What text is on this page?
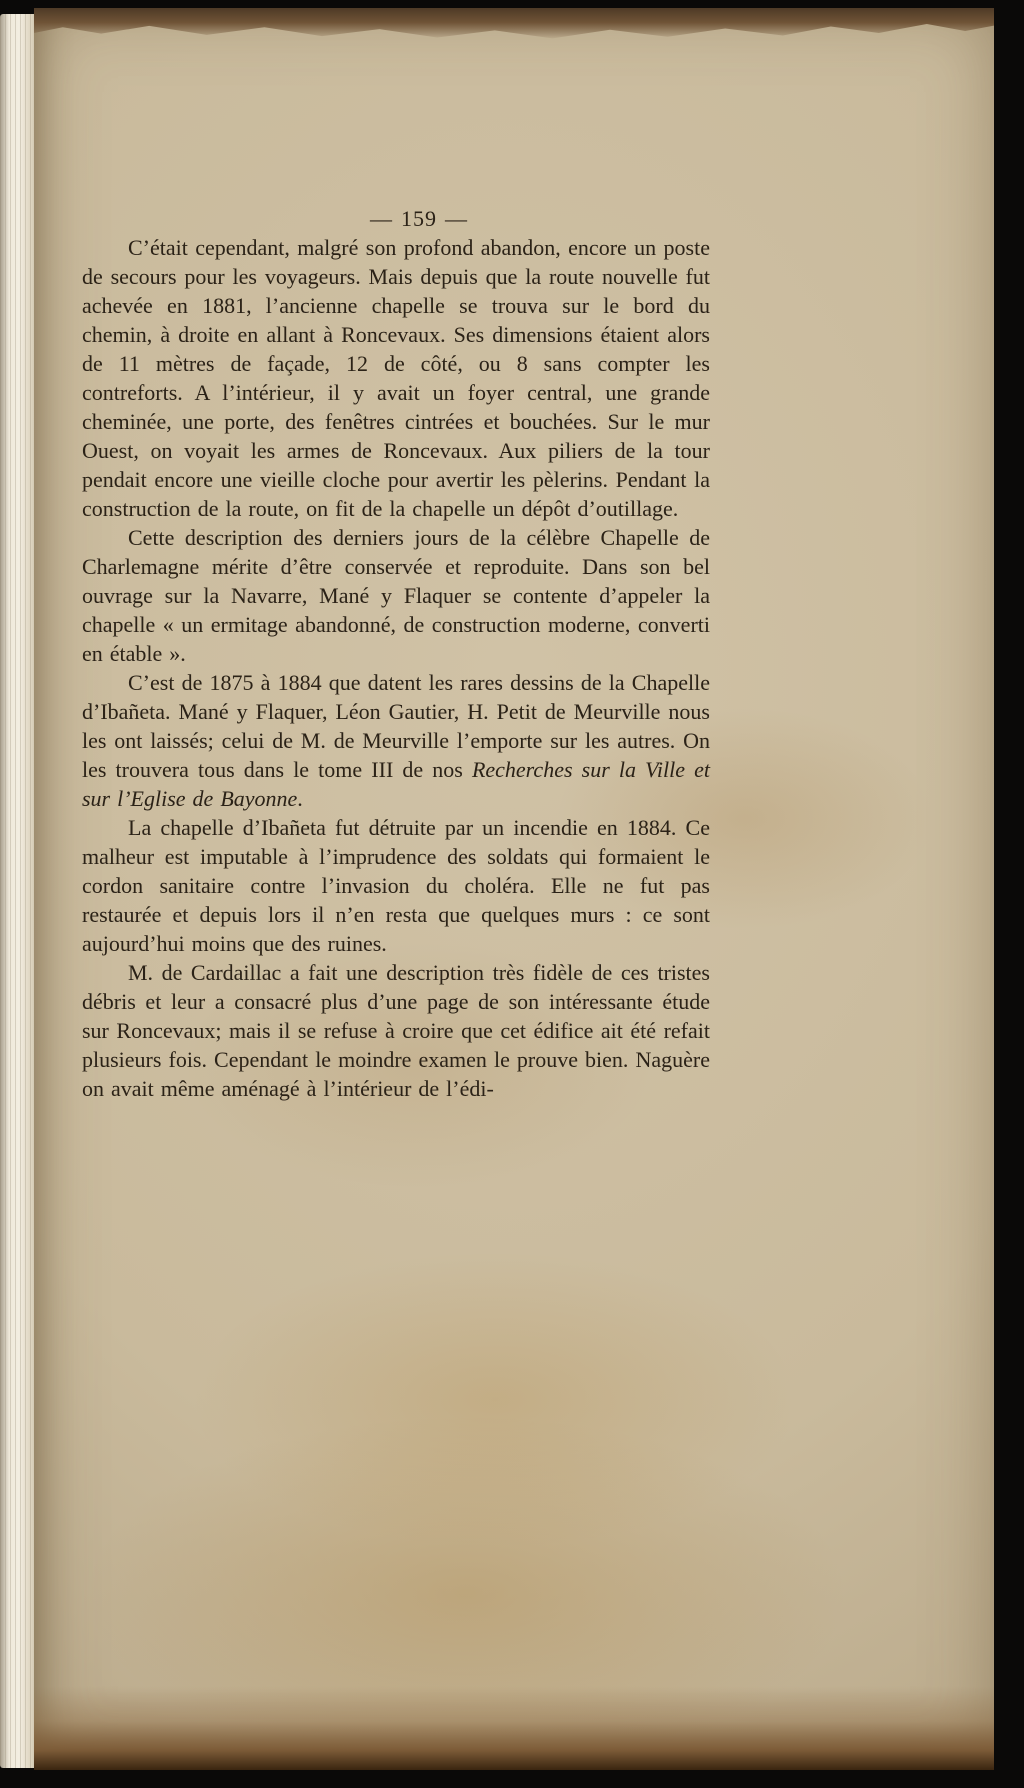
— 159 —

C’était cependant, malgré son profond abandon, encore un poste de secours pour les voyageurs. Mais depuis que la route nouvelle fut achevée en 1881, l’ancienne chapelle se trouva sur le bord du chemin, à droite en allant à Roncevaux. Ses dimensions étaient alors de 11 mètres de façade, 12 de côté, ou 8 sans compter les contreforts. A l’intérieur, il y avait un foyer central, une grande cheminée, une porte, des fenêtres cintrées et bouchées. Sur le mur Ouest, on voyait les armes de Roncevaux. Aux piliers de la tour pendait encore une vieille cloche pour avertir les pèlerins. Pendant la construction de la route, on fit de la chapelle un dépôt d’outillage.

Cette description des derniers jours de la célèbre Chapelle de Charlemagne mérite d’être conservée et reproduite. Dans son bel ouvrage sur la Navarre, Mané y Flaquer se contente d’appeler la chapelle « un ermitage abandonné, de construction moderne, converti en étable ».

C’est de 1875 à 1884 que datent les rares dessins de la Chapelle d’Ibañeta. Mané y Flaquer, Léon Gautier, H. Petit de Meurville nous les ont laissés; celui de M. de Meurville l’emporte sur les autres. On les trouvera tous dans le tome III de nos Recherches sur la Ville et sur l’Eglise de Bayonne.

La chapelle d’Ibañeta fut détruite par un incendie en 1884. Ce malheur est imputable à l’imprudence des soldats qui formaient le cordon sanitaire contre l’invasion du choléra. Elle ne fut pas restaurée et depuis lors il n’en resta que quelques murs : ce sont aujourd’hui moins que des ruines.

M. de Cardaillac a fait une description très fidèle de ces tristes débris et leur a consacré plus d’une page de son intéressante étude sur Roncevaux; mais il se refuse à croire que cet édifice ait été refait plusieurs fois. Cependant le moindre examen le prouve bien. Naguère on avait même aménagé à l’intérieur de l’édi-
